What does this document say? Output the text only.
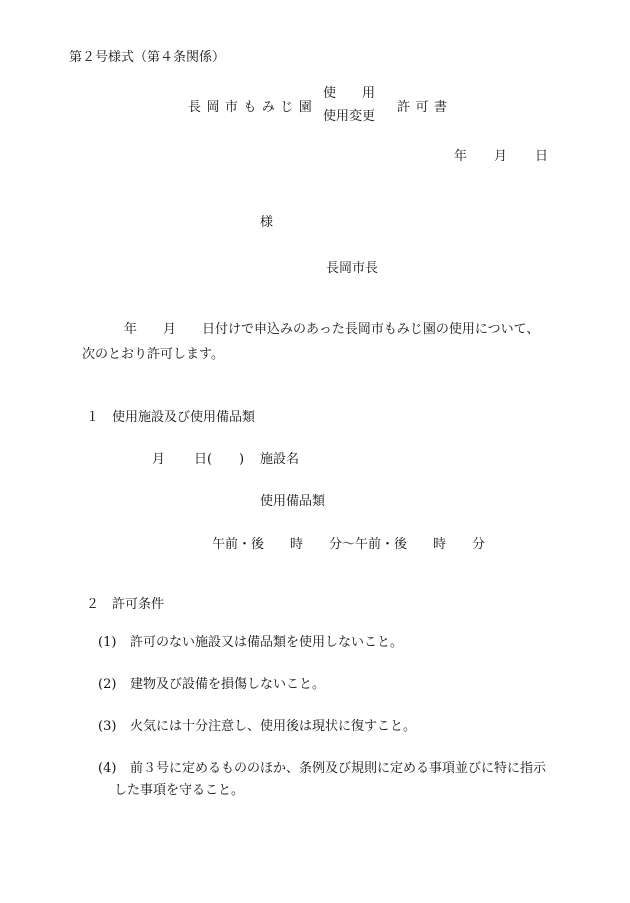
第２号様式（第４条関係）
長岡市もみじ園
使　　用
使用変更
許可書
年 月 日
様
長岡市長
年　　月　　日付けで申込みのあった長岡市もみじ園の使用について、
次のとおり許可します。
１　使用施設及び使用備品類
月 日( ) 施設名
使用備品類
午前・後　　時　　分〜午前・後　　時　　分
２　許可条件
(1) 許可のない施設又は備品類を使用しないこと。
(2) 建物及び設備を損傷しないこと。
(3) 火気には十分注意し、使用後は現状に復すこと。
(4) 前３号に定めるもののほか、条例及び規則に定める事項並びに特に指示
した事項を守ること。
